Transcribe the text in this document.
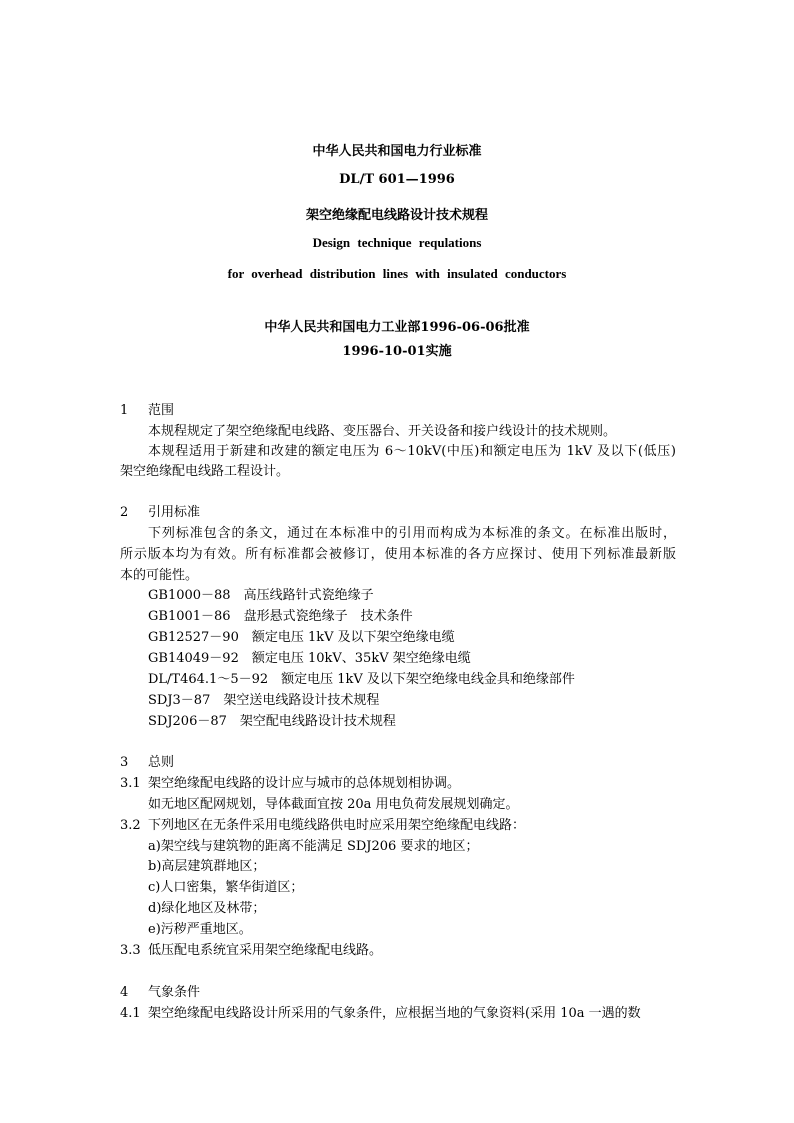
中华人民共和国电力行业标准
DL/T 601—1996
架空绝缘配电线路设计技术规程
Design technique requlations
for overhead distribution lines with insulated conductors
中华人民共和国电力工业部1996-06-06批准
1996-10-01实施
1 范围
本规程规定了架空绝缘配电线路、变压器台、开关设备和接户线设计的技术规则。
本规程适用于新建和改建的额定电压为 6～10kV(中压)和额定电压为 1kV 及以下(低压)
架空绝缘配电线路工程设计。
2 引用标准
下列标准包含的条文，通过在本标准中的引用而构成为本标准的条文。在标准出版时，
所示版本均为有效。所有标准都会被修订，使用本标准的各方应探讨、使用下列标准最新版
本的可能性。
GB1000－88　高压线路针式瓷绝缘子
GB1001－86　盘形悬式瓷绝缘子　技术条件
GB12527－90　额定电压 1kV 及以下架空绝缘电缆
GB14049－92　额定电压 10kV、35kV 架空绝缘电缆
DL/T464.1～5－92　额定电压 1kV 及以下架空绝缘电线金具和绝缘部件
SDJ3－87　架空送电线路设计技术规程
SDJ206－87　架空配电线路设计技术规程
3 总则
3.1 架空绝缘配电线路的设计应与城市的总体规划相协调。
如无地区配网规划，导体截面宜按 20a 用电负荷发展规划确定。
3.2 下列地区在无条件采用电缆线路供电时应采用架空绝缘配电线路：
a)架空线与建筑物的距离不能满足 SDJ206 要求的地区；
b)高层建筑群地区；
c)人口密集，繁华街道区；
d)绿化地区及林带；
e)污秽严重地区。
3.3 低压配电系统宜采用架空绝缘配电线路。
4 气象条件
4.1 架空绝缘配电线路设计所采用的气象条件，应根据当地的气象资料(采用 10a 一遇的数
